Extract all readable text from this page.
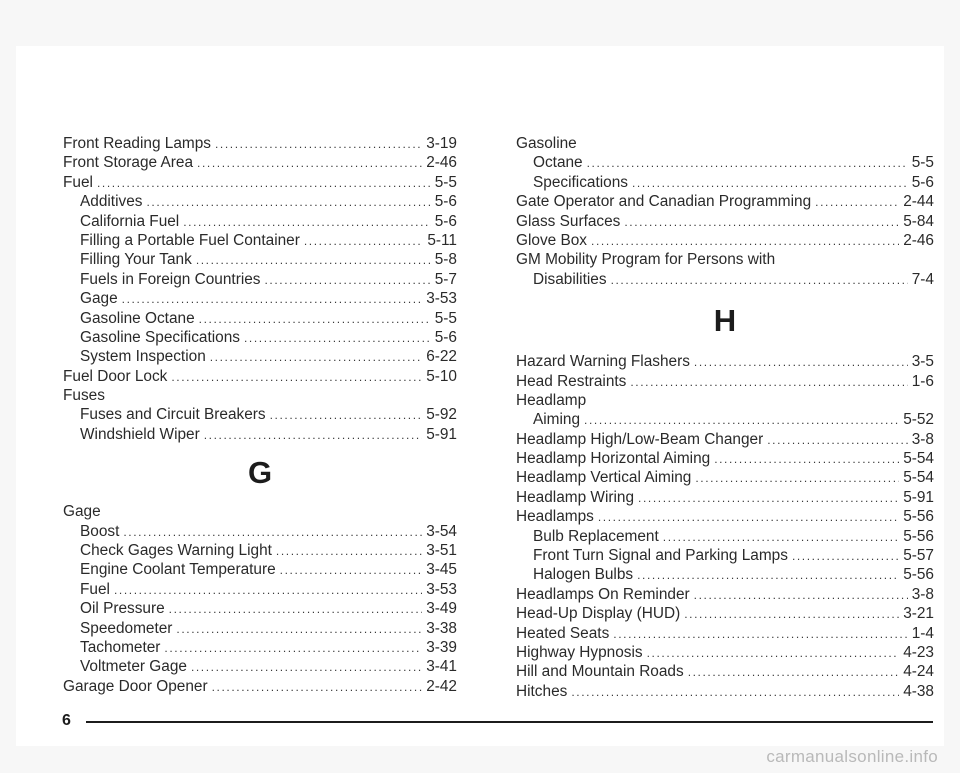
Front Reading Lamps .....	3-19
Front Storage Area .....	2-46
Fuel .....	5-5
Additives .....	5-6
California Fuel .....	5-6
Filling a Portable Fuel Container .....	5-11
Filling Your Tank .....	5-8
Fuels in Foreign Countries .....	5-7
Gage .....	3-53
Gasoline Octane .....	5-5
Gasoline Specifications .....	5-6
System Inspection .....	6-22
Fuel Door Lock .....	5-10
Fuses
Fuses and Circuit Breakers .....	5-92
Windshield Wiper .....	5-91
G
Gage
Boost .....	3-54
Check Gages Warning Light .....	3-51
Engine Coolant Temperature .....	3-45
Fuel .....	3-53
Oil Pressure .....	3-49
Speedometer .....	3-38
Tachometer .....	3-39
Voltmeter Gage .....	3-41
Garage Door Opener .....	2-42
Gasoline
Octane .....	5-5
Specifications .....	5-6
Gate Operator and Canadian Programming .....	2-44
Glass Surfaces .....	5-84
Glove Box .....	2-46
GM Mobility Program for Persons with
Disabilities .....	7-4
H
Hazard Warning Flashers .....	3-5
Head Restraints .....	1-6
Headlamp
Aiming .....	5-52
Headlamp High/Low-Beam Changer .....	3-8
Headlamp Horizontal Aiming .....	5-54
Headlamp Vertical Aiming .....	5-54
Headlamp Wiring .....	5-91
Headlamps .....	5-56
Bulb Replacement .....	5-56
Front Turn Signal and Parking Lamps .....	5-57
Halogen Bulbs .....	5-56
Headlamps On Reminder .....	3-8
Head-Up Display (HUD) .....	3-21
Heated Seats .....	1-4
Highway Hypnosis .....	4-23
Hill and Mountain Roads .....	4-24
Hitches .....	4-38
6
carmanualsonline.info
